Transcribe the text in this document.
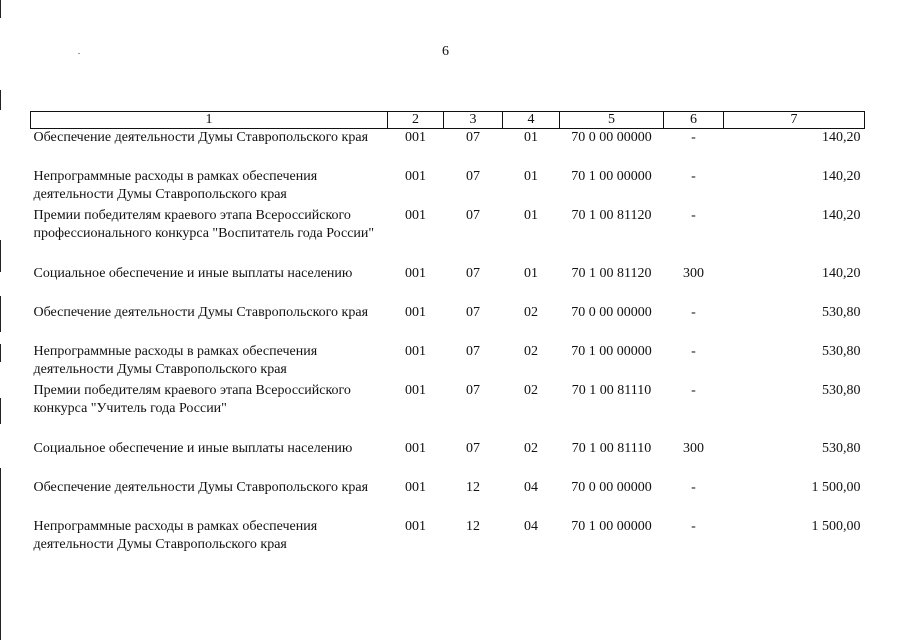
6
1	2	3	4	5	6	7
Обеспечение деятельности Думы Ставропольского края	001	07	01	70 0 00 00000	-	140,20
Непрограммные расходы в рамках обеспечения деятельности Думы Ставропольского края	001	07	01	70 1 00 00000	-	140,20
Премии победителям краевого этапа Всероссийского профессионального конкурса "Воспитатель года России"	001	07	01	70 1 00 81120	-	140,20
Социальное обеспечение и иные выплаты населению	001	07	01	70 1 00 81120	300	140,20
Обеспечение деятельности Думы Ставропольского края	001	07	02	70 0 00 00000	-	530,80
Непрограммные расходы в рамках обеспечения деятельности Думы Ставропольского края	001	07	02	70 1 00 00000	-	530,80
Премии победителям краевого этапа Всероссийского конкурса "Учитель года России"	001	07	02	70 1 00 81110	-	530,80
Социальное обеспечение и иные выплаты населению	001	07	02	70 1 00 81110	300	530,80
Обеспечение деятельности Думы Ставропольского края	001	12	04	70 0 00 00000	-	1 500,00
Непрограммные расходы в рамках обеспечения деятельности Думы Ставропольского края	001	12	04	70 1 00 00000	-	1 500,00
